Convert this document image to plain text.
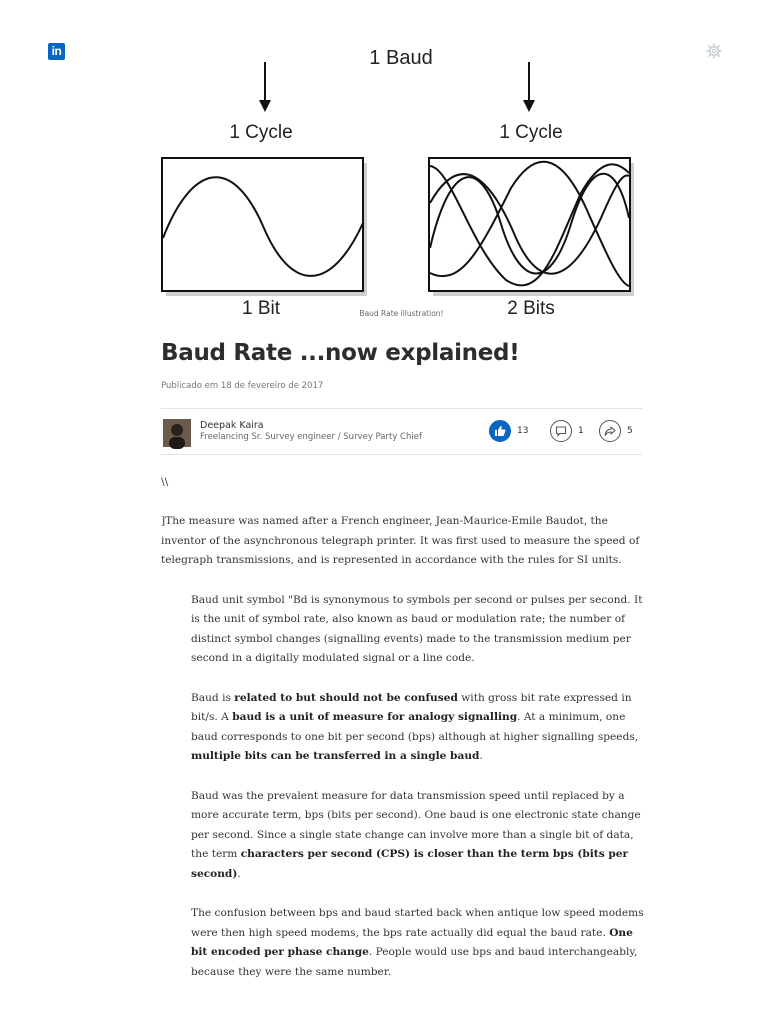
in	1 Baud
1 Cycle	1 Cycle
1 Bit	2 Bits
Baud Rate illustration!
Baud Rate ...now explained!
Publicado em 18 de fevereiro de 2017
Deepak Kaira
Freelancing Sr. Survey engineer / Survey Party Chief
13	1	5

\\

]The measure was named after a French engineer, Jean-Maurice-Emile Baudot, the inventor of the asynchronous telegraph printer. It was first used to measure the speed of telegraph transmissions, and is represented in accordance with the rules for SI units.

Baud unit symbol "Bd is synonymous to symbols per second or pulses per second. It is the unit of symbol rate, also known as baud or modulation rate; the number of distinct symbol changes (signalling events) made to the transmission medium per second in a digitally modulated signal or a line code.

Baud is related to but should not be confused with gross bit rate expressed in bit/s. A baud is a unit of measure for analogy signalling. At a minimum, one baud corresponds to one bit per second (bps) although at higher signalling speeds, multiple bits can be transferred in a single baud.

Baud was the prevalent measure for data transmission speed until replaced by a more accurate term, bps (bits per second). One baud is one electronic state change per second. Since a single state change can involve more than a single bit of data, the term characters per second (CPS) is closer than the term bps (bits per second).

The confusion between bps and baud started back when antique low speed modems were then high speed modems, the bps rate actually did equal the baud rate. One bit encoded per phase change. People would use bps and baud interchangeably, because they were the same number.
